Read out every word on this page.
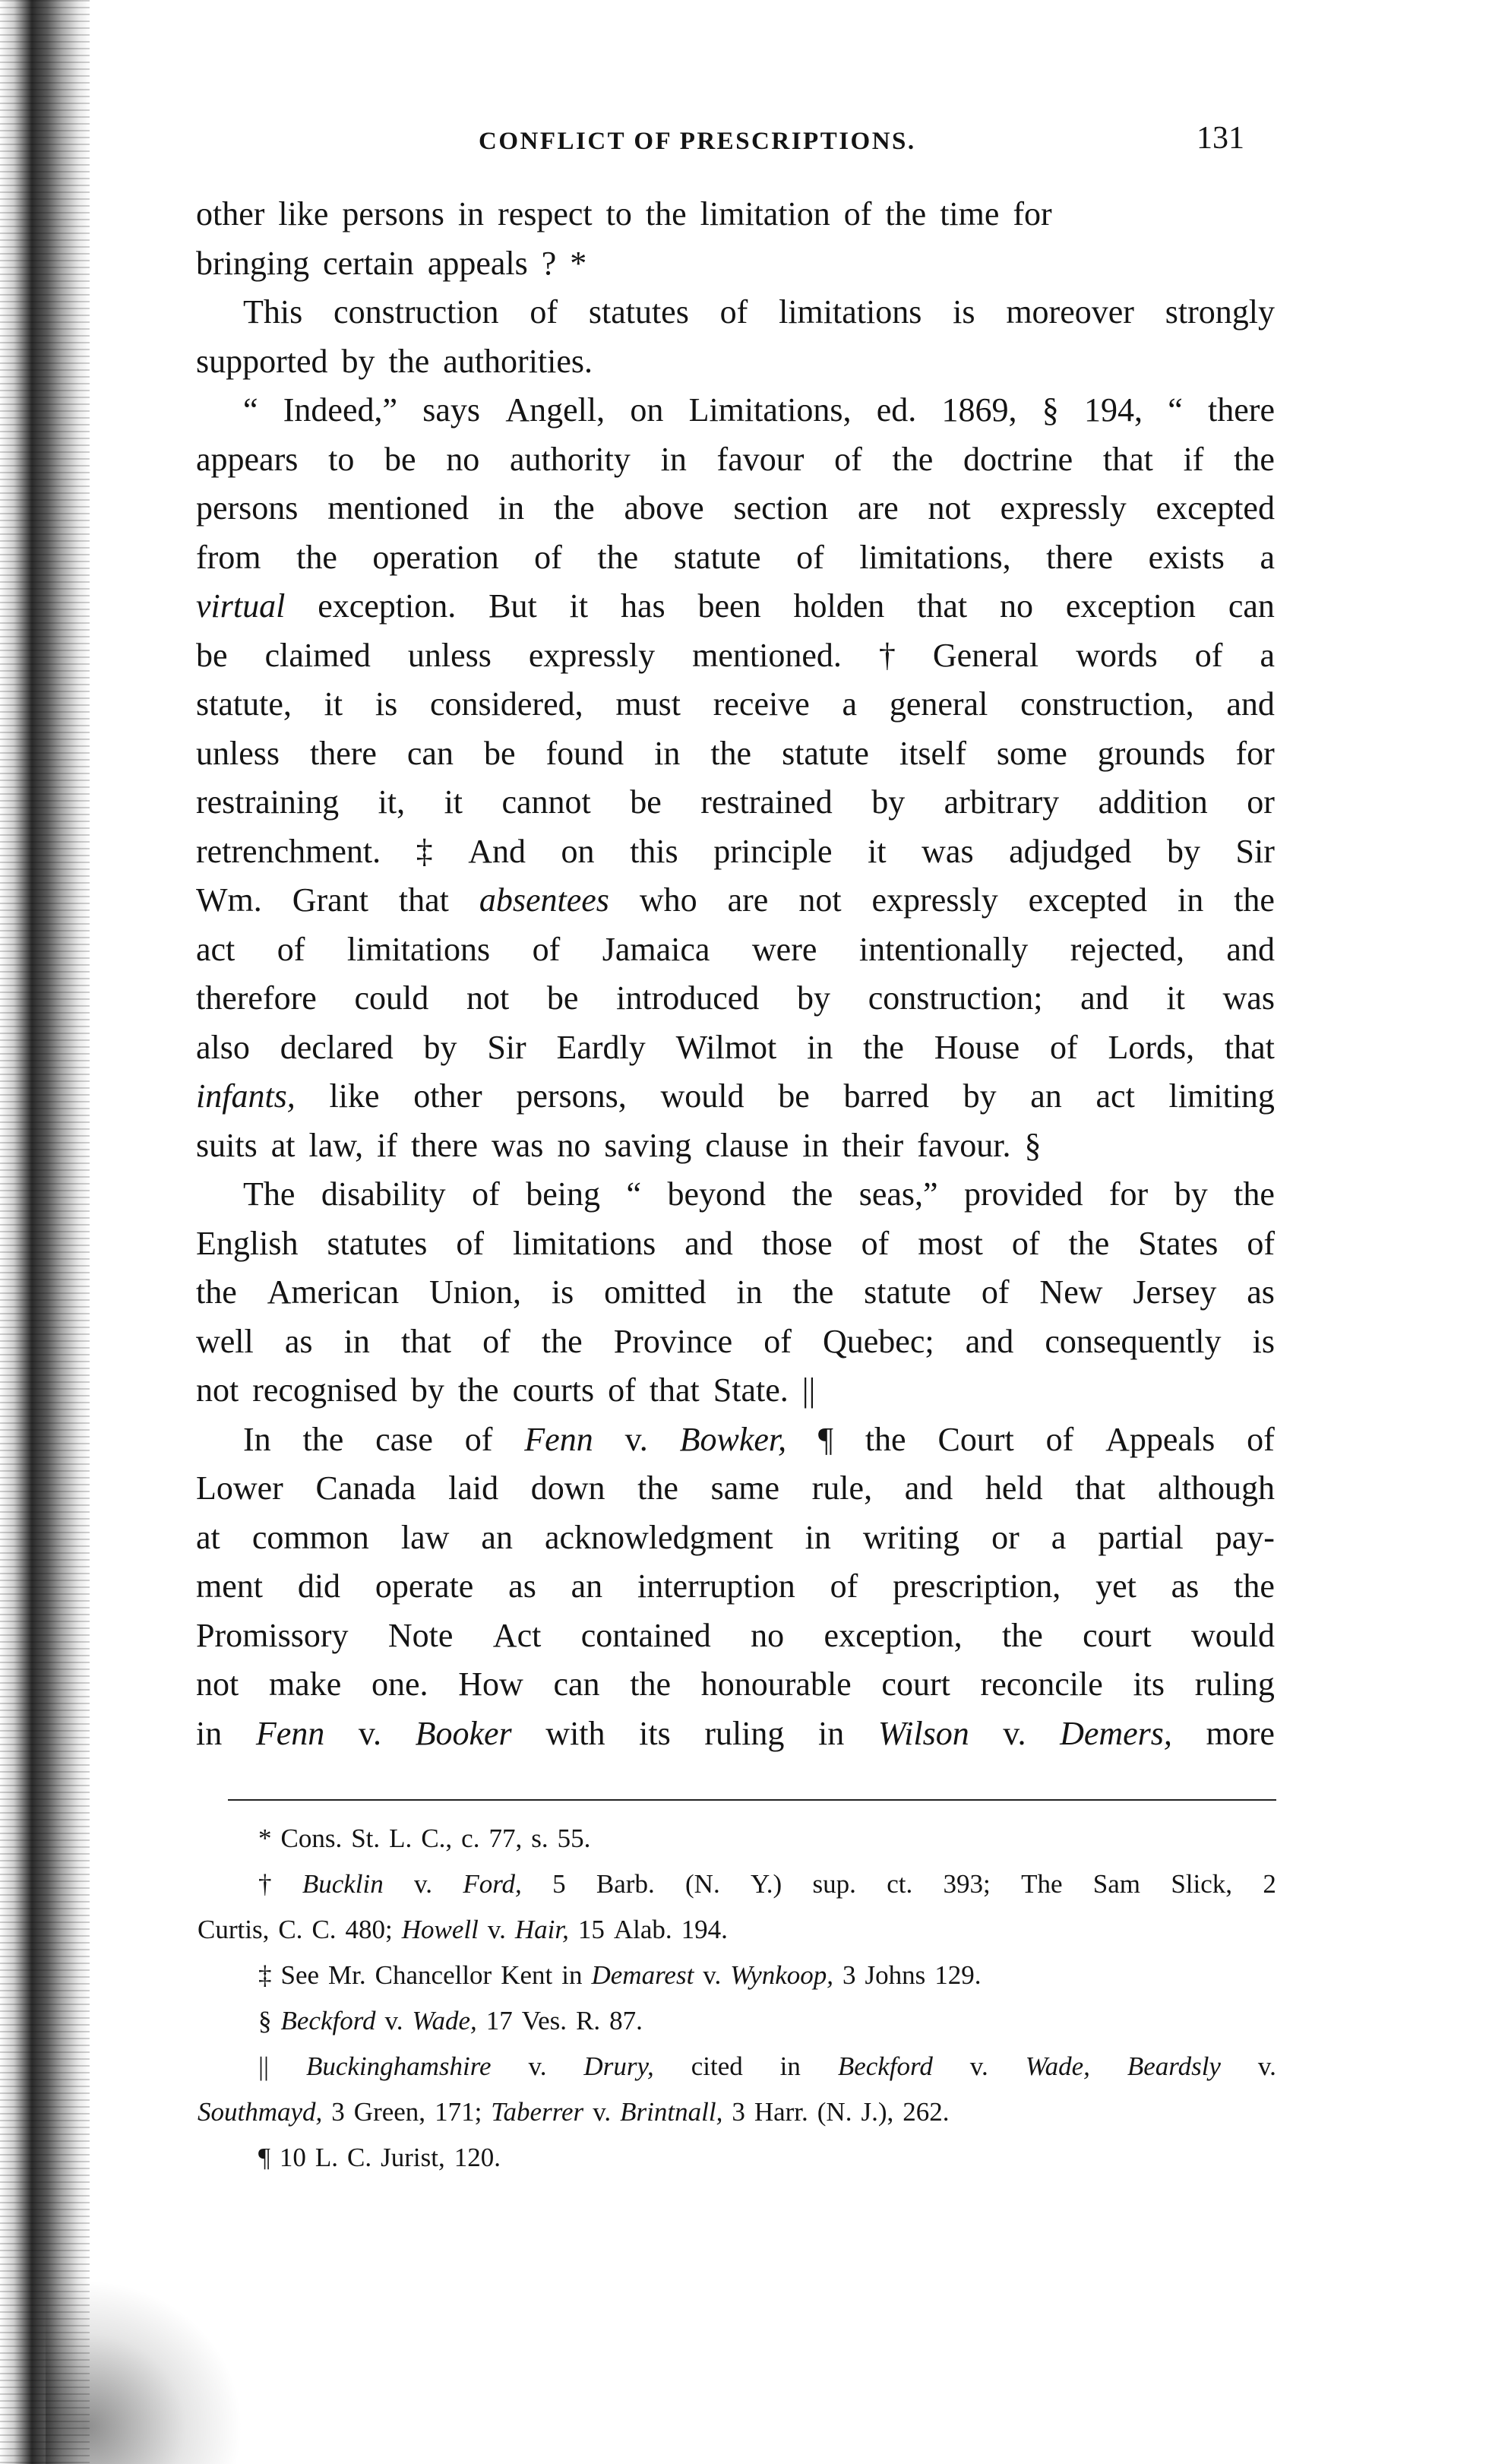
CONFLICT OF PRESCRIPTIONS.	131
other like persons in respect to the limitation of the time for
bringing certain appeals ? *
This construction of statutes of limitations is moreover strongly
supported by the authorities.
“ Indeed,” says Angell, on Limitations, ed. 1869, § 194, “ there
appears to be no authority in favour of the doctrine that if the
persons mentioned in the above section are not expressly excepted
from the operation of the statute of limitations, there exists a
virtual exception. But it has been holden that no exception can
be claimed unless expressly mentioned. † General words of a
statute, it is considered, must receive a general construction, and
unless there can be found in the statute itself some grounds for
restraining it, it cannot be restrained by arbitrary addition or
retrenchment. ‡ And on this principle it was adjudged by Sir
Wm. Grant that absentees who are not expressly excepted in the
act of limitations of Jamaica were intentionally rejected, and
therefore could not be introduced by construction; and it was
also declared by Sir Eardly Wilmot in the House of Lords, that
infants, like other persons, would be barred by an act limiting
suits at law, if there was no saving clause in their favour. §
The disability of being “ beyond the seas,” provided for by the
English statutes of limitations and those of most of the States of
the American Union, is omitted in the statute of New Jersey as
well as in that of the Province of Quebec; and consequently is
not recognised by the courts of that State. ||
In the case of Fenn v. Bowker, ¶ the Court of Appeals of
Lower Canada laid down the same rule, and held that although
at common law an acknowledgment in writing or a partial pay-
ment did operate as an interruption of prescription, yet as the
Promissory Note Act contained no exception, the court would
not make one. How can the honourable court reconcile its ruling
in Fenn v. Booker with its ruling in Wilson v. Demers, more
* Cons. St. L. C., c. 77, s. 55.
† Bucklin v. Ford, 5 Barb. (N. Y.) sup. ct. 393; The Sam Slick, 2
Curtis, C. C. 480; Howell v. Hair, 15 Alab. 194.
‡ See Mr. Chancellor Kent in Demarest v. Wynkoop, 3 Johns 129.
§ Beckford v. Wade, 17 Ves. R. 87.
|| Buckinghamshire v. Drury, cited in Beckford v. Wade, Beardsly v.
Southmayd, 3 Green, 171; Taberrer v. Brintnall, 3 Harr. (N. J.), 262.
¶ 10 L. C. Jurist, 120.
